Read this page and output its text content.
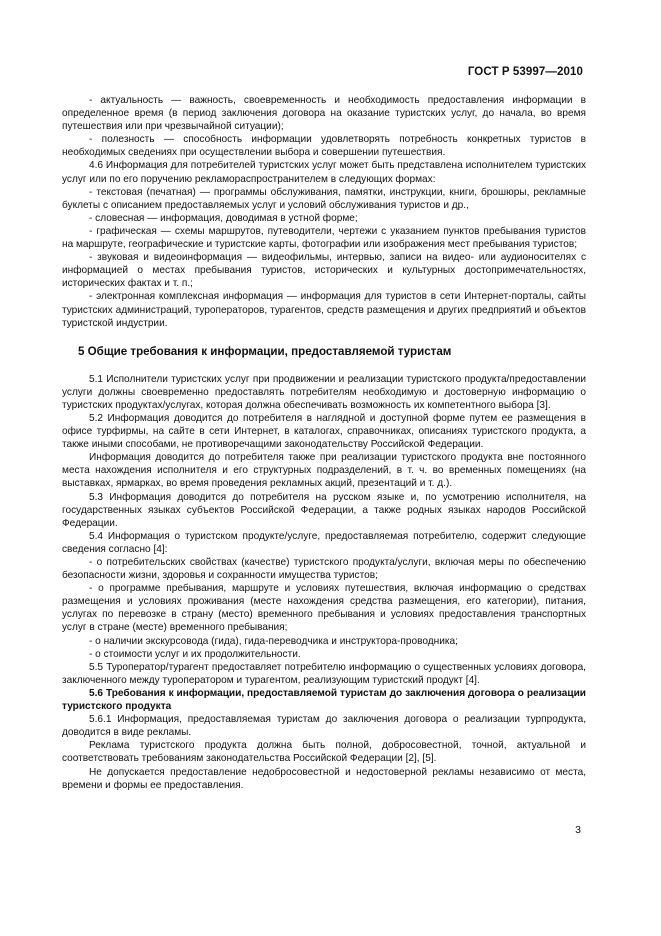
ГОСТ Р 53997—2010

- актуальность — важность, своевременность и необходимость предоставления информации в определенное время (в период заключения договора на оказание туристских услуг, до начала, во время путешествия или при чрезвычайной ситуации);

- полезность — способность информации удовлетворять потребность конкретных туристов в необходимых сведениях при осуществлении выбора и совершении путешествия.

4.6 Информация для потребителей туристских услуг может быть представлена исполнителем туристских услуг или по его поручению рекламораспространителем в следующих формах:

- текстовая (печатная) — программы обслуживания, памятки, инструкции, книги, брошюры, рекламные буклеты с описанием предоставляемых услуг и условий обслуживания туристов и др.,

- словесная — информация, доводимая в устной форме;

- графическая — схемы маршрутов, путеводители, чертежи с указанием пунктов пребывания туристов на маршруте, географические и туристские карты, фотографии или изображения мест пребывания туристов;

- звуковая и видеоинформация — видеофильмы, интервью, записи на видео- или аудионосителях с информацией о местах пребывания туристов, исторических и культурных достопримечательностях, исторических фактах и т. п.;

- электронная комплексная информация — информация для туристов в сети Интернет-порталы, сайты туристских администраций, туроператоров, турагентов, средств размещения и других предприятий и объектов туристской индустрии.

5 Общие требования к информации, предоставляемой туристам

5.1 Исполнители туристских услуг при продвижении и реализации туристского продукта/предоставлении услуги должны своевременно предоставлять потребителям необходимую и достоверную информацию о туристских продуктах/услугах, которая должна обеспечивать возможность их компетентного выбора [3].

5.2 Информация доводится до потребителя в наглядной и доступной форме путем ее размещения в офисе турфирмы, на сайте в сети Интернет, в каталогах, справочниках, описаниях туристского продукта, а также иными способами, не противоречащими законодательству Российской Федерации.

Информация доводится до потребителя также при реализации туристского продукта вне постоянного места нахождения исполнителя и его структурных подразделений, в т. ч. во временных помещениях (на выставках, ярмарках, во время проведения рекламных акций, презентаций и т. д.).

5.3 Информация доводится до потребителя на русском языке и, по усмотрению исполнителя, на государственных языках субъектов Российской Федерации, а также родных языках народов Российской Федерации.

5.4 Информация о туристском продукте/услуге, предоставляемая потребителю, содержит следующие сведения согласно [4]:

- о потребительских свойствах (качестве) туристского продукта/услуги, включая меры по обеспечению безопасности жизни, здоровья и сохранности имущества туристов;

- о программе пребывания, маршруте и условиях путешествия, включая информацию о средствах размещения и условиях проживания (месте нахождения средства размещения, его категории), питания, услугах по перевозке в страну (место) временного пребывания и условиях предоставления транспортных услуг в стране (месте) временного пребывания;

- о наличии экскурсовода (гида), гида-переводчика и инструктора-проводника;

- о стоимости услуг и их продолжительности.

5.5 Туроператор/турагент предоставляет потребителю информацию о существенных условиях договора, заключенного между туроператором и турагентом, реализующим туристский продукт [4].

5.6 Требования к информации, предоставляемой туристам до заключения договора о реализации туристского продукта

5.6.1 Информация, предоставляемая туристам до заключения договора о реализации турпродукта, доводится в виде рекламы.

Реклама туристского продукта должна быть полной, добросовестной, точной, актуальной и соответствовать требованиям законодательства Российской Федерации [2], [5].

Не допускается предоставление недобросовестной и недостоверной рекламы независимо от места, времени и формы ее предоставления.

3
